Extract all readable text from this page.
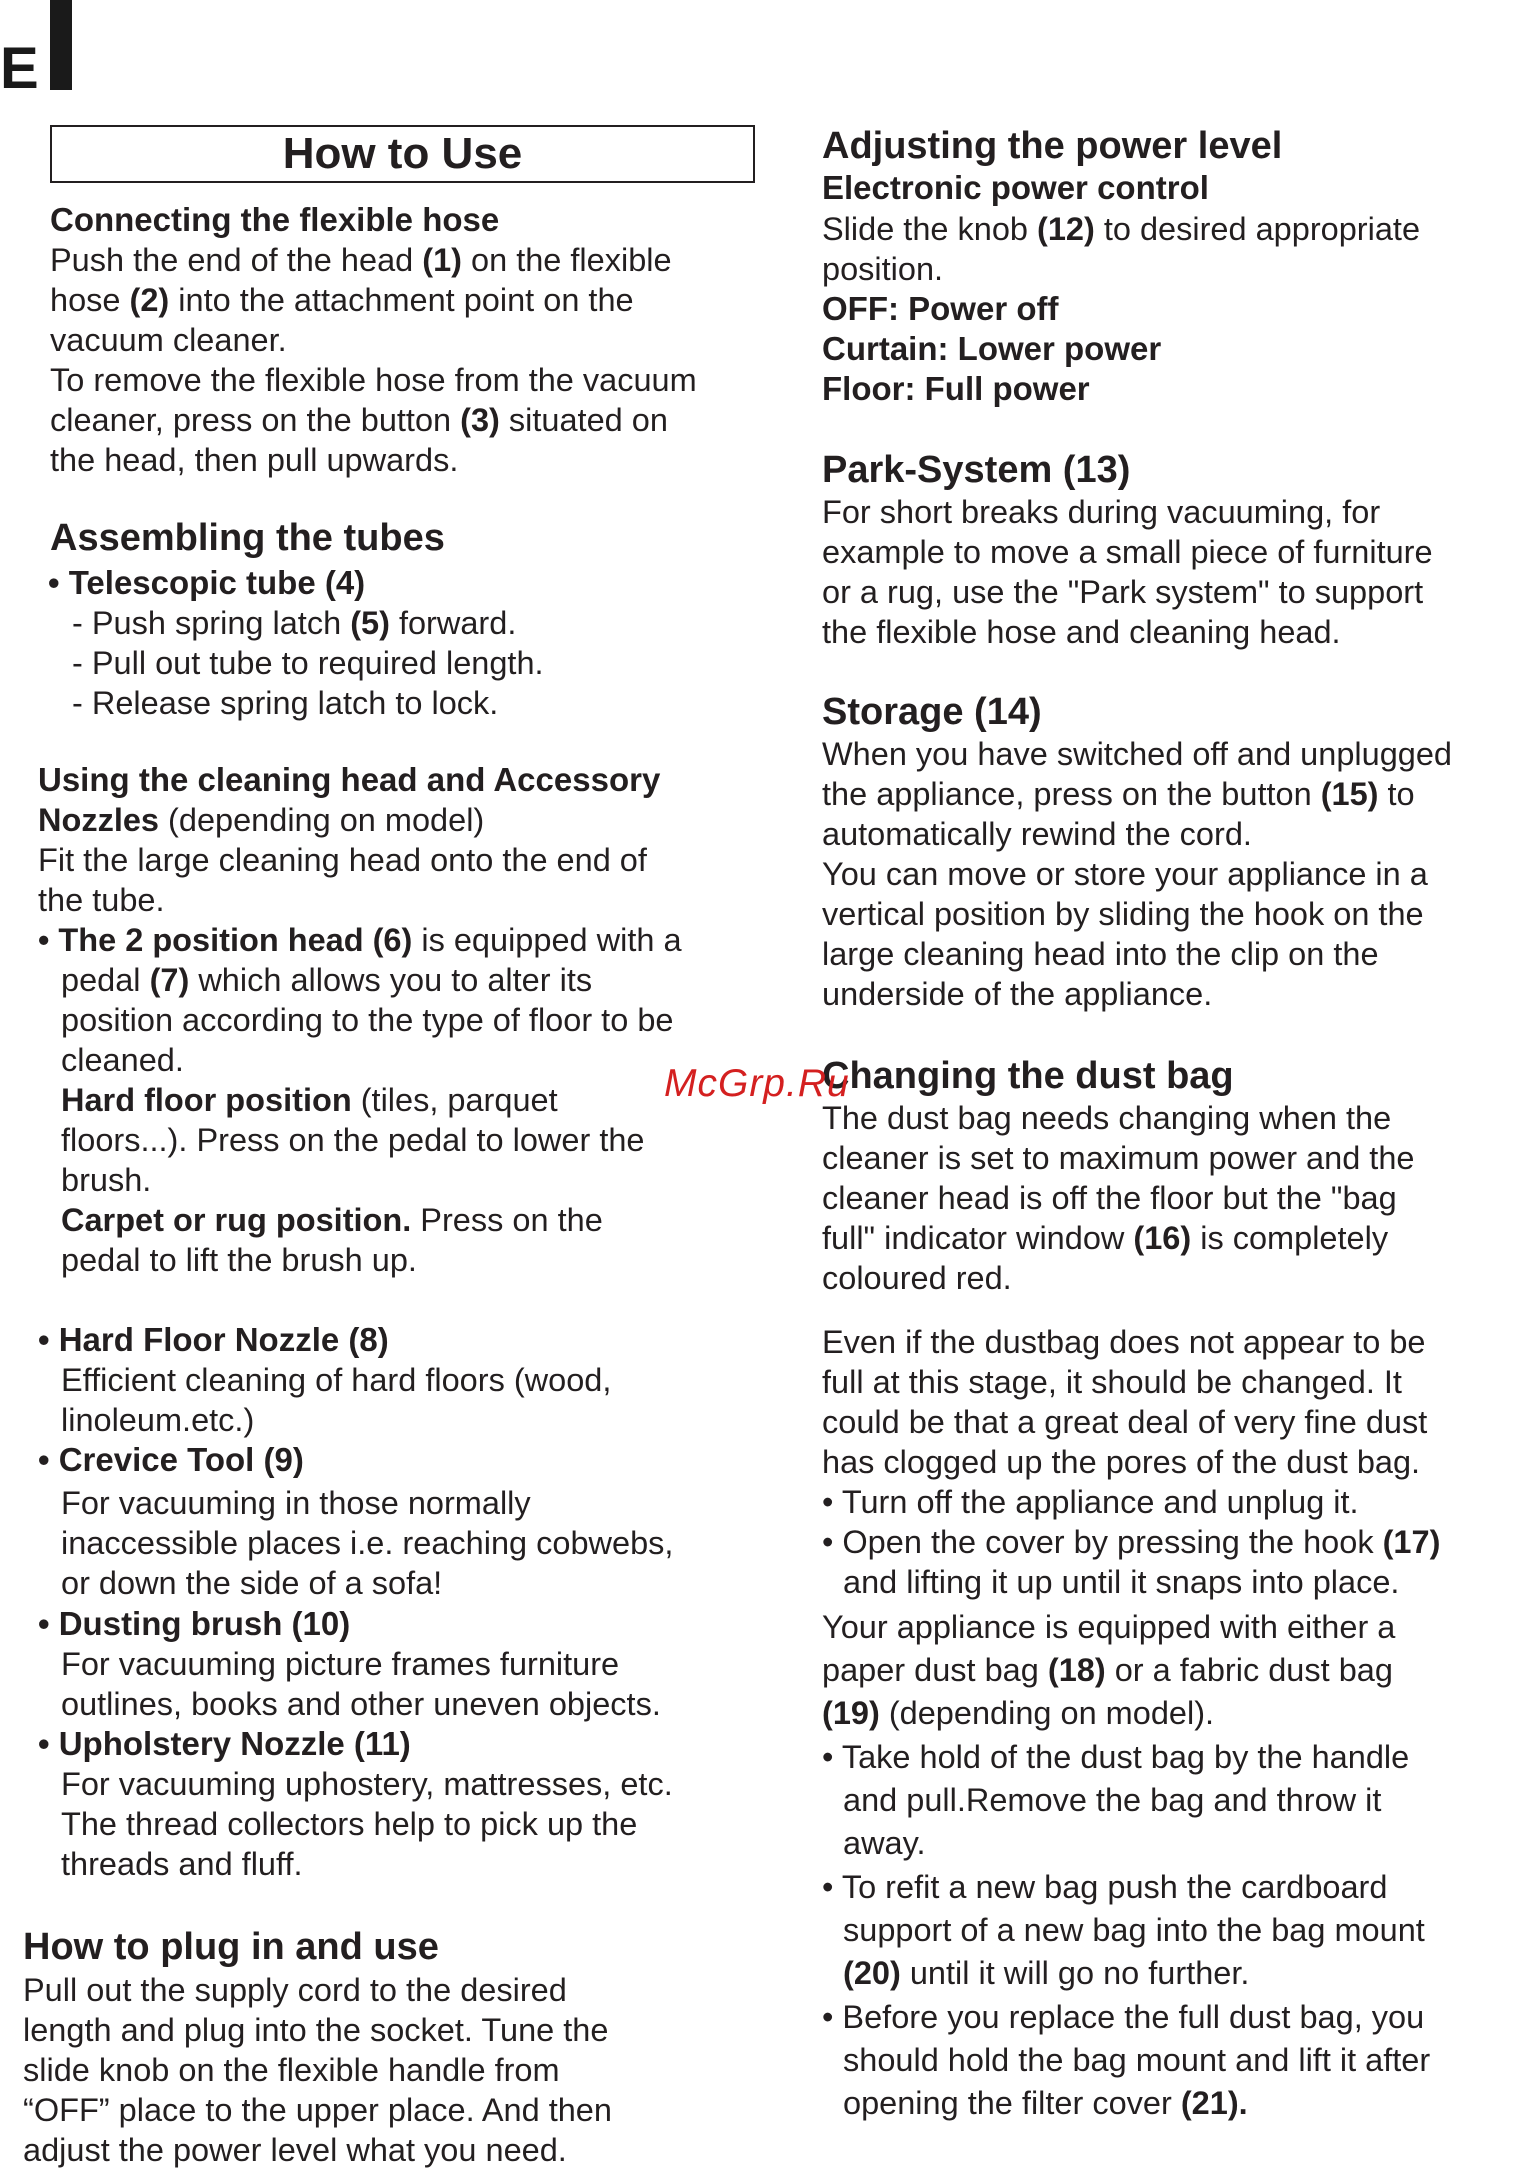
E
How to Use
Connecting the flexible hose
Push the end of the head (1) on the flexible
hose (2) into the attachment point on the
vacuum cleaner.
To remove the flexible hose from the vacuum
cleaner, press on the button (3) situated on
the head, then pull upwards.
Assembling the tubes
• Telescopic tube (4)
- Push spring latch (5) forward.
- Pull out tube to required length.
- Release spring latch to lock.
Using the cleaning head and Accessory
Nozzles (depending on model)
Fit the large cleaning head onto the end of
the tube.
• The 2 position head (6) is equipped with a
pedal (7) which allows you to alter its
position according to the type of floor to be
cleaned.
Hard floor position (tiles, parquet
floors...). Press on the pedal to lower the
brush.
Carpet or rug position. Press on the
pedal to lift the brush up.
• Hard Floor Nozzle (8)
Efficient cleaning of hard floors (wood,
linoleum.etc.)
• Crevice Tool (9)
For vacuuming in those normally
inaccessible places i.e. reaching cobwebs,
or down the side of a sofa!
• Dusting brush (10)
For vacuuming picture frames furniture
outlines, books and other uneven objects.
• Upholstery Nozzle (11)
For vacuuming uphostery, mattresses, etc.
The thread collectors help to pick up the
threads and fluff.
How to plug in and use
Pull out the supply cord to the desired
length and plug into the socket. Tune the
slide knob on the flexible handle from
“OFF” place to the upper place. And then
adjust the power level what you need.
Adjusting the power level
Electronic power control
Slide the knob (12) to desired appropriate
position.
OFF: Power off
Curtain: Lower power
Floor: Full power
Park-System (13)
For short breaks during vacuuming, for
example to move a small piece of furniture
or a rug, use the "Park system" to support
the flexible hose and cleaning head.
Storage (14)
When you have switched off and unplugged
the appliance, press on the button (15) to
automatically rewind the cord.
You can move or store your appliance in a
vertical position by sliding the hook on the
large cleaning head into the clip on the
underside of the appliance.
Changing the dust bag
The dust bag needs changing when the
cleaner is set to maximum power and the
cleaner head is off the floor but the "bag
full" indicator window (16) is completely
coloured red.
Even if the dustbag does not appear to be
full at this stage, it should be changed. It
could be that a great deal of very fine dust
has clogged up the pores of the dust bag.
• Turn off the appliance and unplug it.
• Open the cover by pressing the hook (17)
and lifting it up until it snaps into place.
Your appliance is equipped with either a
paper dust bag (18) or a fabric dust bag
(19) (depending on model).
• Take hold of the dust bag by the handle
and pull.Remove the bag and throw it
away.
• To refit a new bag push the cardboard
support of a new bag into the bag mount
(20) until it will go no further.
• Before you replace the full dust bag, you
should hold the bag mount and lift it after
opening the filter cover (21).
McGrp.Ru
